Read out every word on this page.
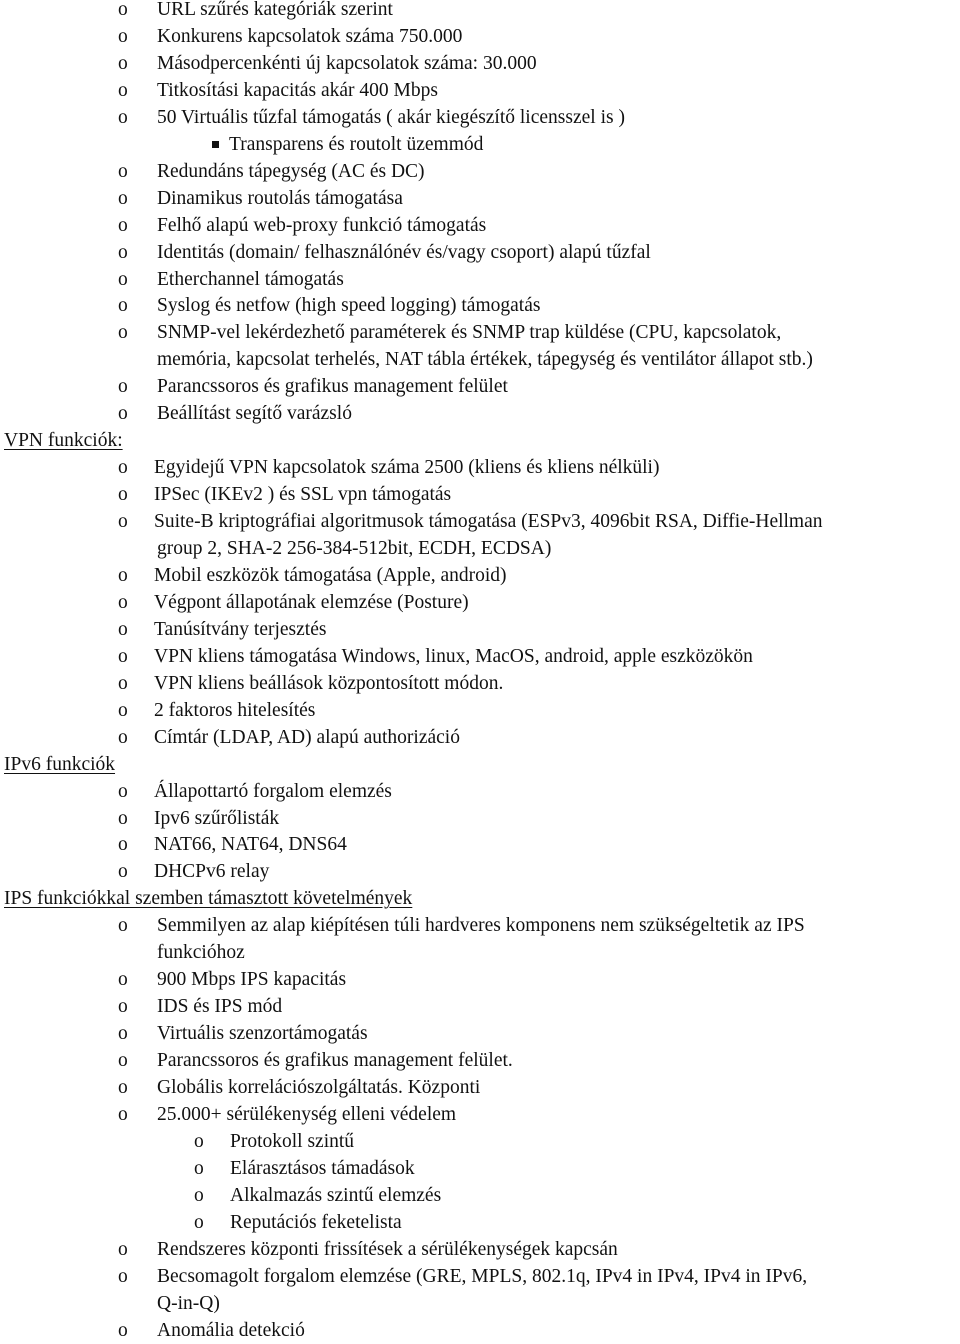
o URL szűrés kategóriák szerint
o Konkurens kapcsolatok száma 750.000
o Másodpercenkénti új kapcsolatok száma: 30.000
o Titkosítási kapacitás akár 400 Mbps
o 50 Virtuális tűzfal támogatás ( akár kiegészítő licensszel is )
Transparens és routolt üzemmód
o Redundáns tápegység (AC és DC)
o Dinamikus routolás támogatása
o Felhő alapú web-proxy funkció támogatás
o Identitás (domain/ felhasználónév és/vagy csoport) alapú tűzfal
o Etherchannel támogatás
o Syslog és netfow (high speed logging) támogatás
o SNMP-vel lekérdezhető paraméterek és SNMP trap küldése (CPU, kapcsolatok,
memória, kapcsolat terhelés, NAT tábla értékek, tápegység és ventilátor állapot stb.)
o Parancssoros és grafikus management felület
o Beállítást segítő varázsló
VPN funkciók:
o Egyidejű VPN kapcsolatok száma 2500 (kliens és kliens nélküli)
o IPSec (IKEv2 ) és SSL vpn támogatás
o Suite-B kriptográfiai algoritmusok támogatása (ESPv3, 4096bit RSA, Diffie-Hellman
group 2, SHA-2 256-384-512bit, ECDH, ECDSA)
o Mobil eszközök támogatása (Apple, android)
o Végpont állapotának elemzése (Posture)
o Tanúsítvány terjesztés
o VPN kliens támogatása Windows, linux, MacOS, android, apple eszközökön
o VPN kliens beállások központosított módon.
o 2 faktoros hitelesítés
o Címtár (LDAP, AD) alapú authorizáció
IPv6 funkciók
o Állapottartó forgalom elemzés
o Ipv6 szűrőlisták
o NAT66, NAT64, DNS64
o DHCPv6 relay
IPS funkciókkal szemben támasztott követelmények
o Semmilyen az alap kiépítésen túli hardveres komponens nem szükségeltetik az IPS
funkcióhoz
o 900 Mbps IPS kapacitás
o IDS és IPS mód
o Virtuális szenzortámogatás
o Parancssoros és grafikus management felület.
o Globális korrelációszolgáltatás. Központi
o 25.000+ sérülékenység elleni védelem
o Protokoll szintű
o Elárasztásos támadások
o Alkalmazás szintű elemzés
o Reputációs feketelista
o Rendszeres központi frissítések a sérülékenységek kapcsán
o Becsomagolt forgalom elemzése (GRE, MPLS, 802.1q, IPv4 in IPv4, IPv4 in IPv6,
Q-in-Q)
o Anomália detekció
